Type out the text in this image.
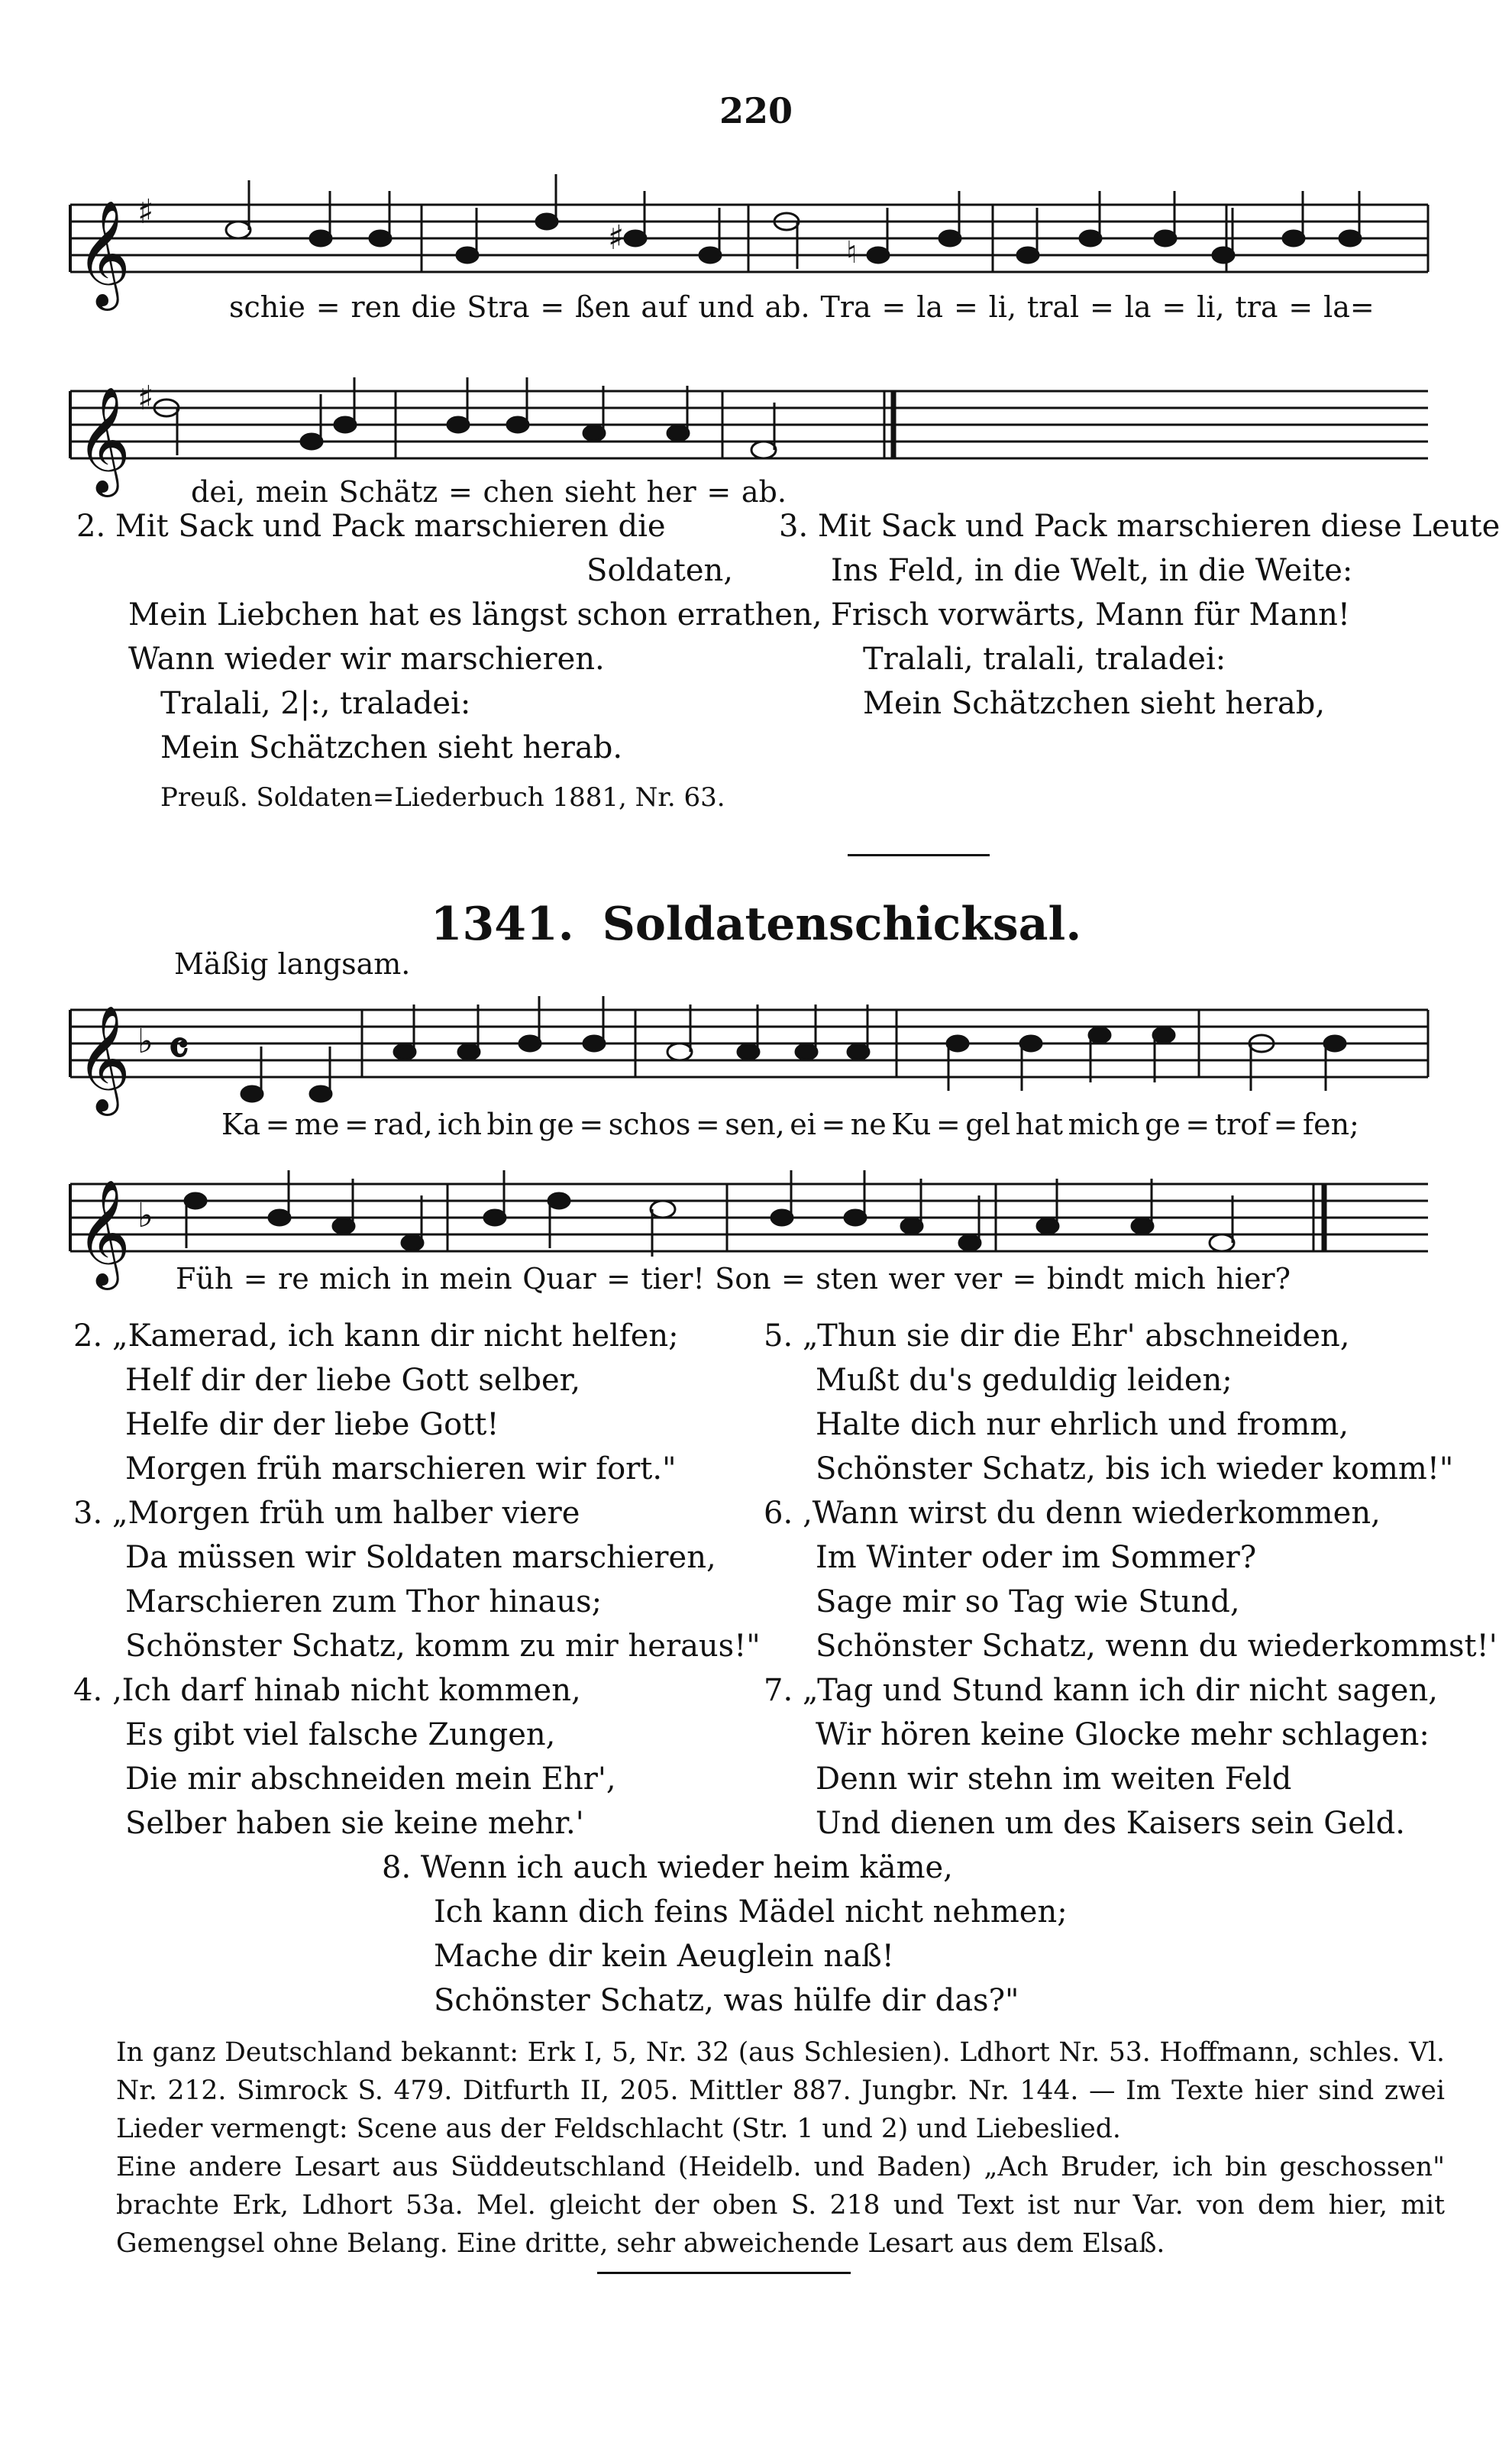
220
𝄞
𝄞
𝄞
𝄞
♯
♯
♭
♭
𝄴
♯	♮
schie = ren die Stra = ßen auf und ab. Tra = la = li, tral = la = li, tra = la=
dei, mein Schätz = chen sieht her = ab.

2. Mit Sack und Pack marschieren die

Soldaten,

Mein Liebchen hat es längst schon errathen,

Wann wieder wir marschieren.

Tralali, 2|:, traladei:

Mein Schätzchen sieht herab.

3. Mit Sack und Pack marschieren diese Leute

Ins Feld, in die Welt, in die Weite:

Frisch vorwärts, Mann für Mann!

Tralali, tralali, traladei:

Mein Schätzchen sieht herab,

Preuß. Soldaten=Liederbuch 1881, Nr. 63.
1341. Soldatenschicksal.
Mäßig langsam.
Ka = me = rad, ich bin ge = schos = sen, ei = ne Ku = gel hat mich ge = trof = fen;
Füh = re mich in mein Quar = tier! Son = sten wer ver = bindt mich hier?

2. „Kamerad, ich kann dir nicht helfen;

Helf dir der liebe Gott selber,

Helfe dir der liebe Gott!

Morgen früh marschieren wir fort."

3. „Morgen früh um halber viere

Da müssen wir Soldaten marschieren,

Marschieren zum Thor hinaus;

Schönster Schatz, komm zu mir heraus!"

4. ‚Ich darf hinab nicht kommen,

Es gibt viel falsche Zungen,

Die mir abschneiden mein Ehr',

Selber haben sie keine mehr.'

5. „Thun sie dir die Ehr' abschneiden,

Mußt du's geduldig leiden;

Halte dich nur ehrlich und fromm,

Schönster Schatz, bis ich wieder komm!"

6. ‚Wann wirst du denn wiederkommen,

Im Winter oder im Sommer?

Sage mir so Tag wie Stund,

Schönster Schatz, wenn du wiederkommst!'

7. „Tag und Stund kann ich dir nicht sagen,

Wir hören keine Glocke mehr schlagen:

Denn wir stehn im weiten Feld

Und dienen um des Kaisers sein Geld.

8. Wenn ich auch wieder heim käme,

Ich kann dich feins Mädel nicht nehmen;

Mache dir kein Aeuglein naß!

Schönster Schatz, was hülfe dir das?"

In ganz Deutschland bekannt: Erk I, 5, Nr. 32 (aus Schlesien). Ldhort Nr. 53. Hoffmann, schles. Vl. Nr. 212. Simrock S. 479. Ditfurth II, 205. Mittler 887. Jungbr. Nr. 144. — Im Texte hier sind zwei Lieder vermengt: Scene aus der Feldschlacht (Str. 1 und 2) und Liebeslied.

Eine andere Lesart aus Süddeutschland (Heidelb. und Baden) „Ach Bruder, ich bin geschossen" brachte Erk, Ldhort 53a. Mel. gleicht der oben S. 218 und Text ist nur Var. von dem hier, mit Gemengsel ohne Belang. Eine dritte, sehr abweichende Lesart aus dem Elsaß.
